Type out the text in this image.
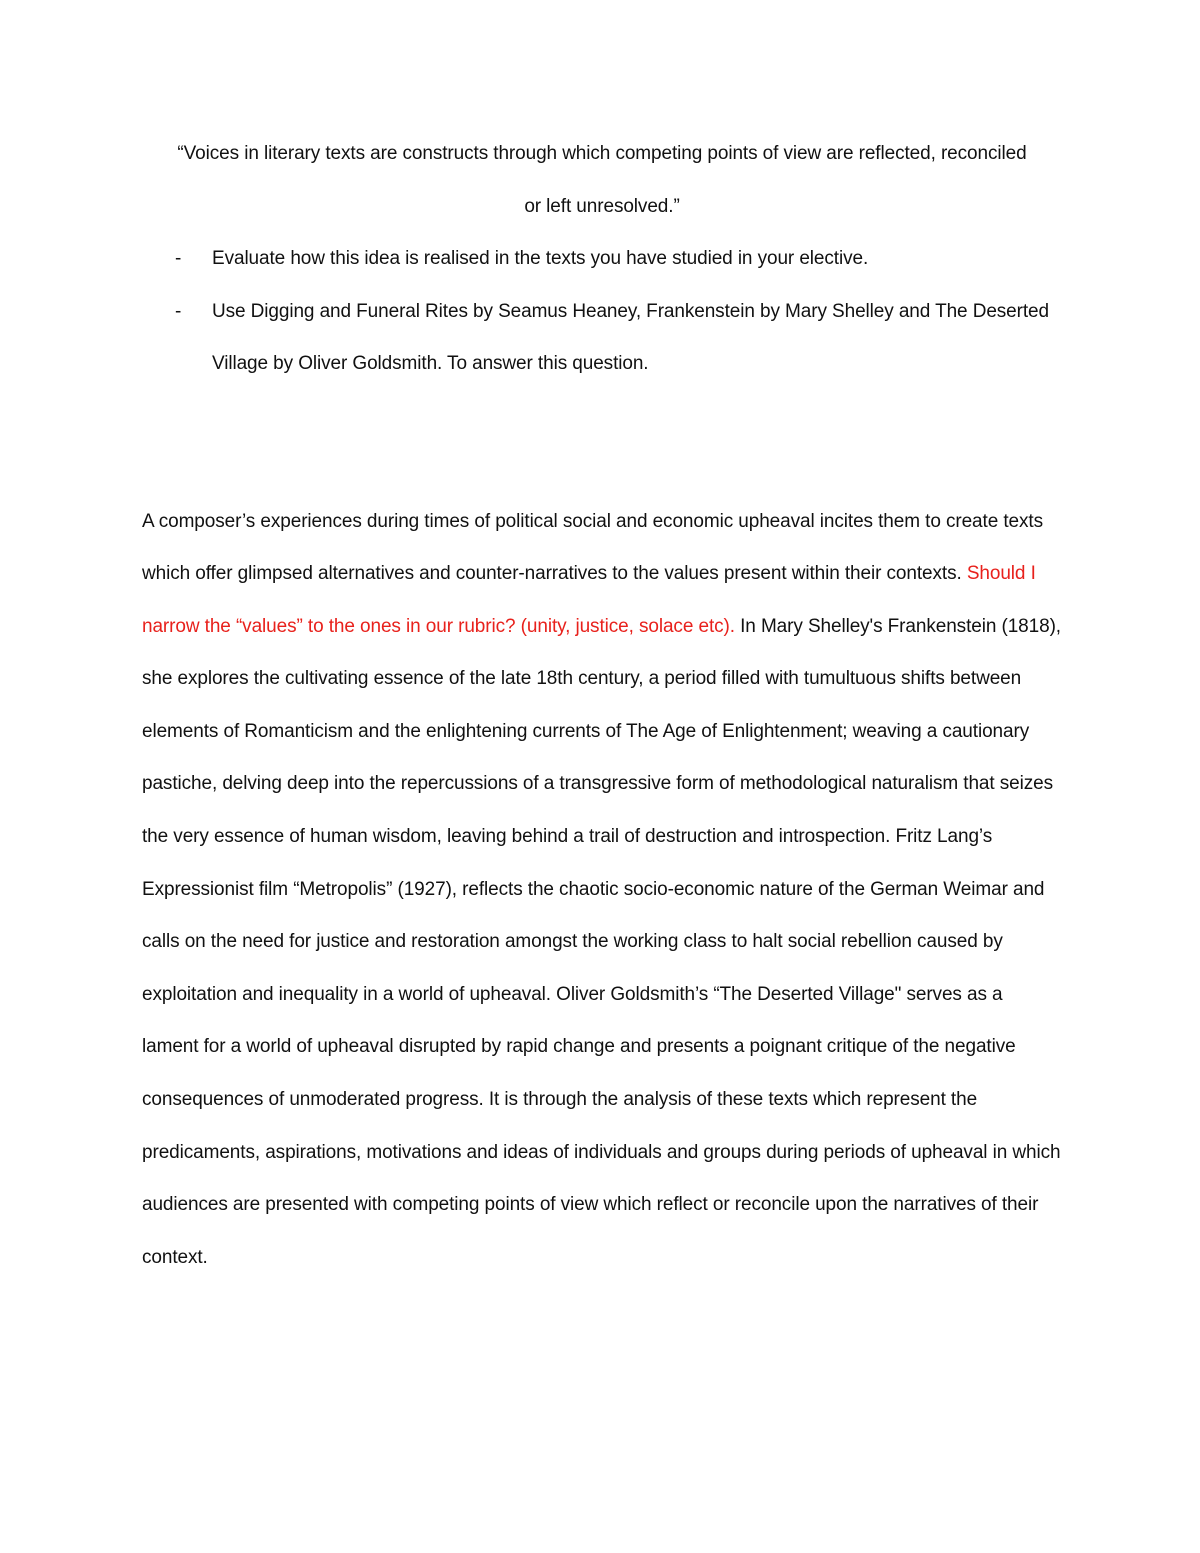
“Voices in literary texts are constructs through which competing points of view are reflected, reconciled
or left unresolved.”

- Evaluate how this idea is realised in the texts you have studied in your elective.
- Use Digging and Funeral Rites by Seamus Heaney, Frankenstein by Mary Shelley and The Deserted Village by Oliver Goldsmith. To answer this question.

A composer’s experiences during times of political social and economic upheaval incites them to create texts which offer glimpsed alternatives and counter-narratives to the values present within their contexts. Should I narrow the “values” to the ones in our rubric? (unity, justice, solace etc). In Mary Shelley's Frankenstein (1818), she explores the cultivating essence of the late 18th century, a period filled with tumultuous shifts between elements of Romanticism and the enlightening currents of The Age of Enlightenment; weaving a cautionary pastiche, delving deep into the repercussions of a transgressive form of methodological naturalism that seizes the very essence of human wisdom, leaving behind a trail of destruction and introspection. Fritz Lang’s Expressionist film “Metropolis” (1927), reflects the chaotic socio-economic nature of the German Weimar and calls on the need for justice and restoration amongst the working class to halt social rebellion caused by exploitation and inequality in a world of upheaval. Oliver Goldsmith’s “The Deserted Village" serves as a lament for a world of upheaval disrupted by rapid change and presents a poignant critique of the negative consequences of unmoderated progress. It is through the analysis of these texts which represent the predicaments, aspirations, motivations and ideas of individuals and groups during periods of upheaval in which audiences are presented with competing points of view which reflect or reconcile upon the narratives of their context.
